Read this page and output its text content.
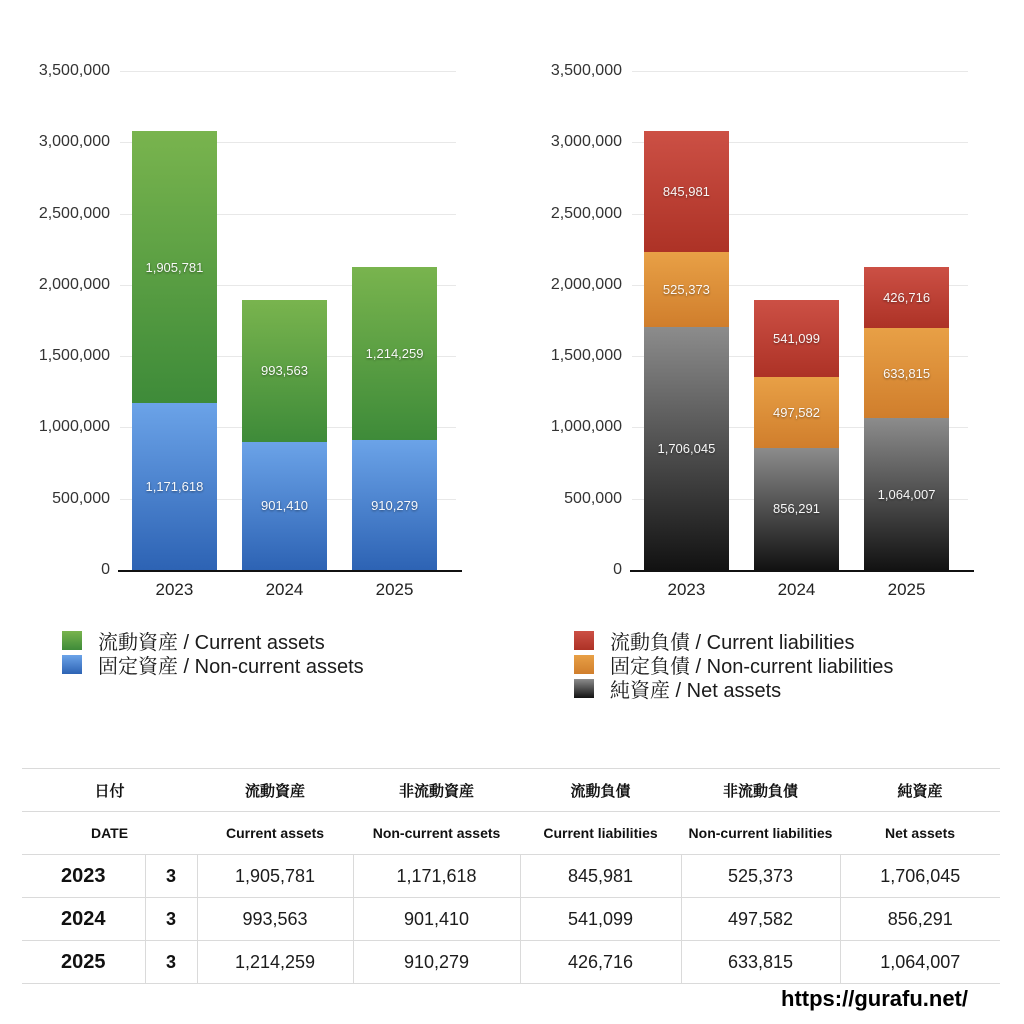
1,171,618
1,905,781
901,410
993,563
910,279
1,214,259
3,500,000
3,000,000
2,500,000
2,000,000
1,500,000
1,000,000
500,000
0
2023	2024	2025
流動資産 / Current assets
固定資産 / Non-current assets
1,706,045
525,373
845,981
856,291
497,582
541,099
1,064,007
633,815
426,716
3,500,000
3,000,000
2,500,000
2,000,000
1,500,000
1,000,000
500,000
0
2023	2024	2025
流動負債 / Current liabilities
固定負債 / Non-current liabilities
純資産 / Net assets
日付		流動資産	非流動資産	流動負債	非流動負債	純資産
DATE		Current assets	Non-current assets	Current liabilities	Non-current liabilities	Net assets
2023	3	1,905,781	1,171,618	845,981	525,373	1,706,045
2024	3	993,563	901,410	541,099	497,582	856,291
2025	3	1,214,259	910,279	426,716	633,815	1,064,007
https://gurafu.net/
